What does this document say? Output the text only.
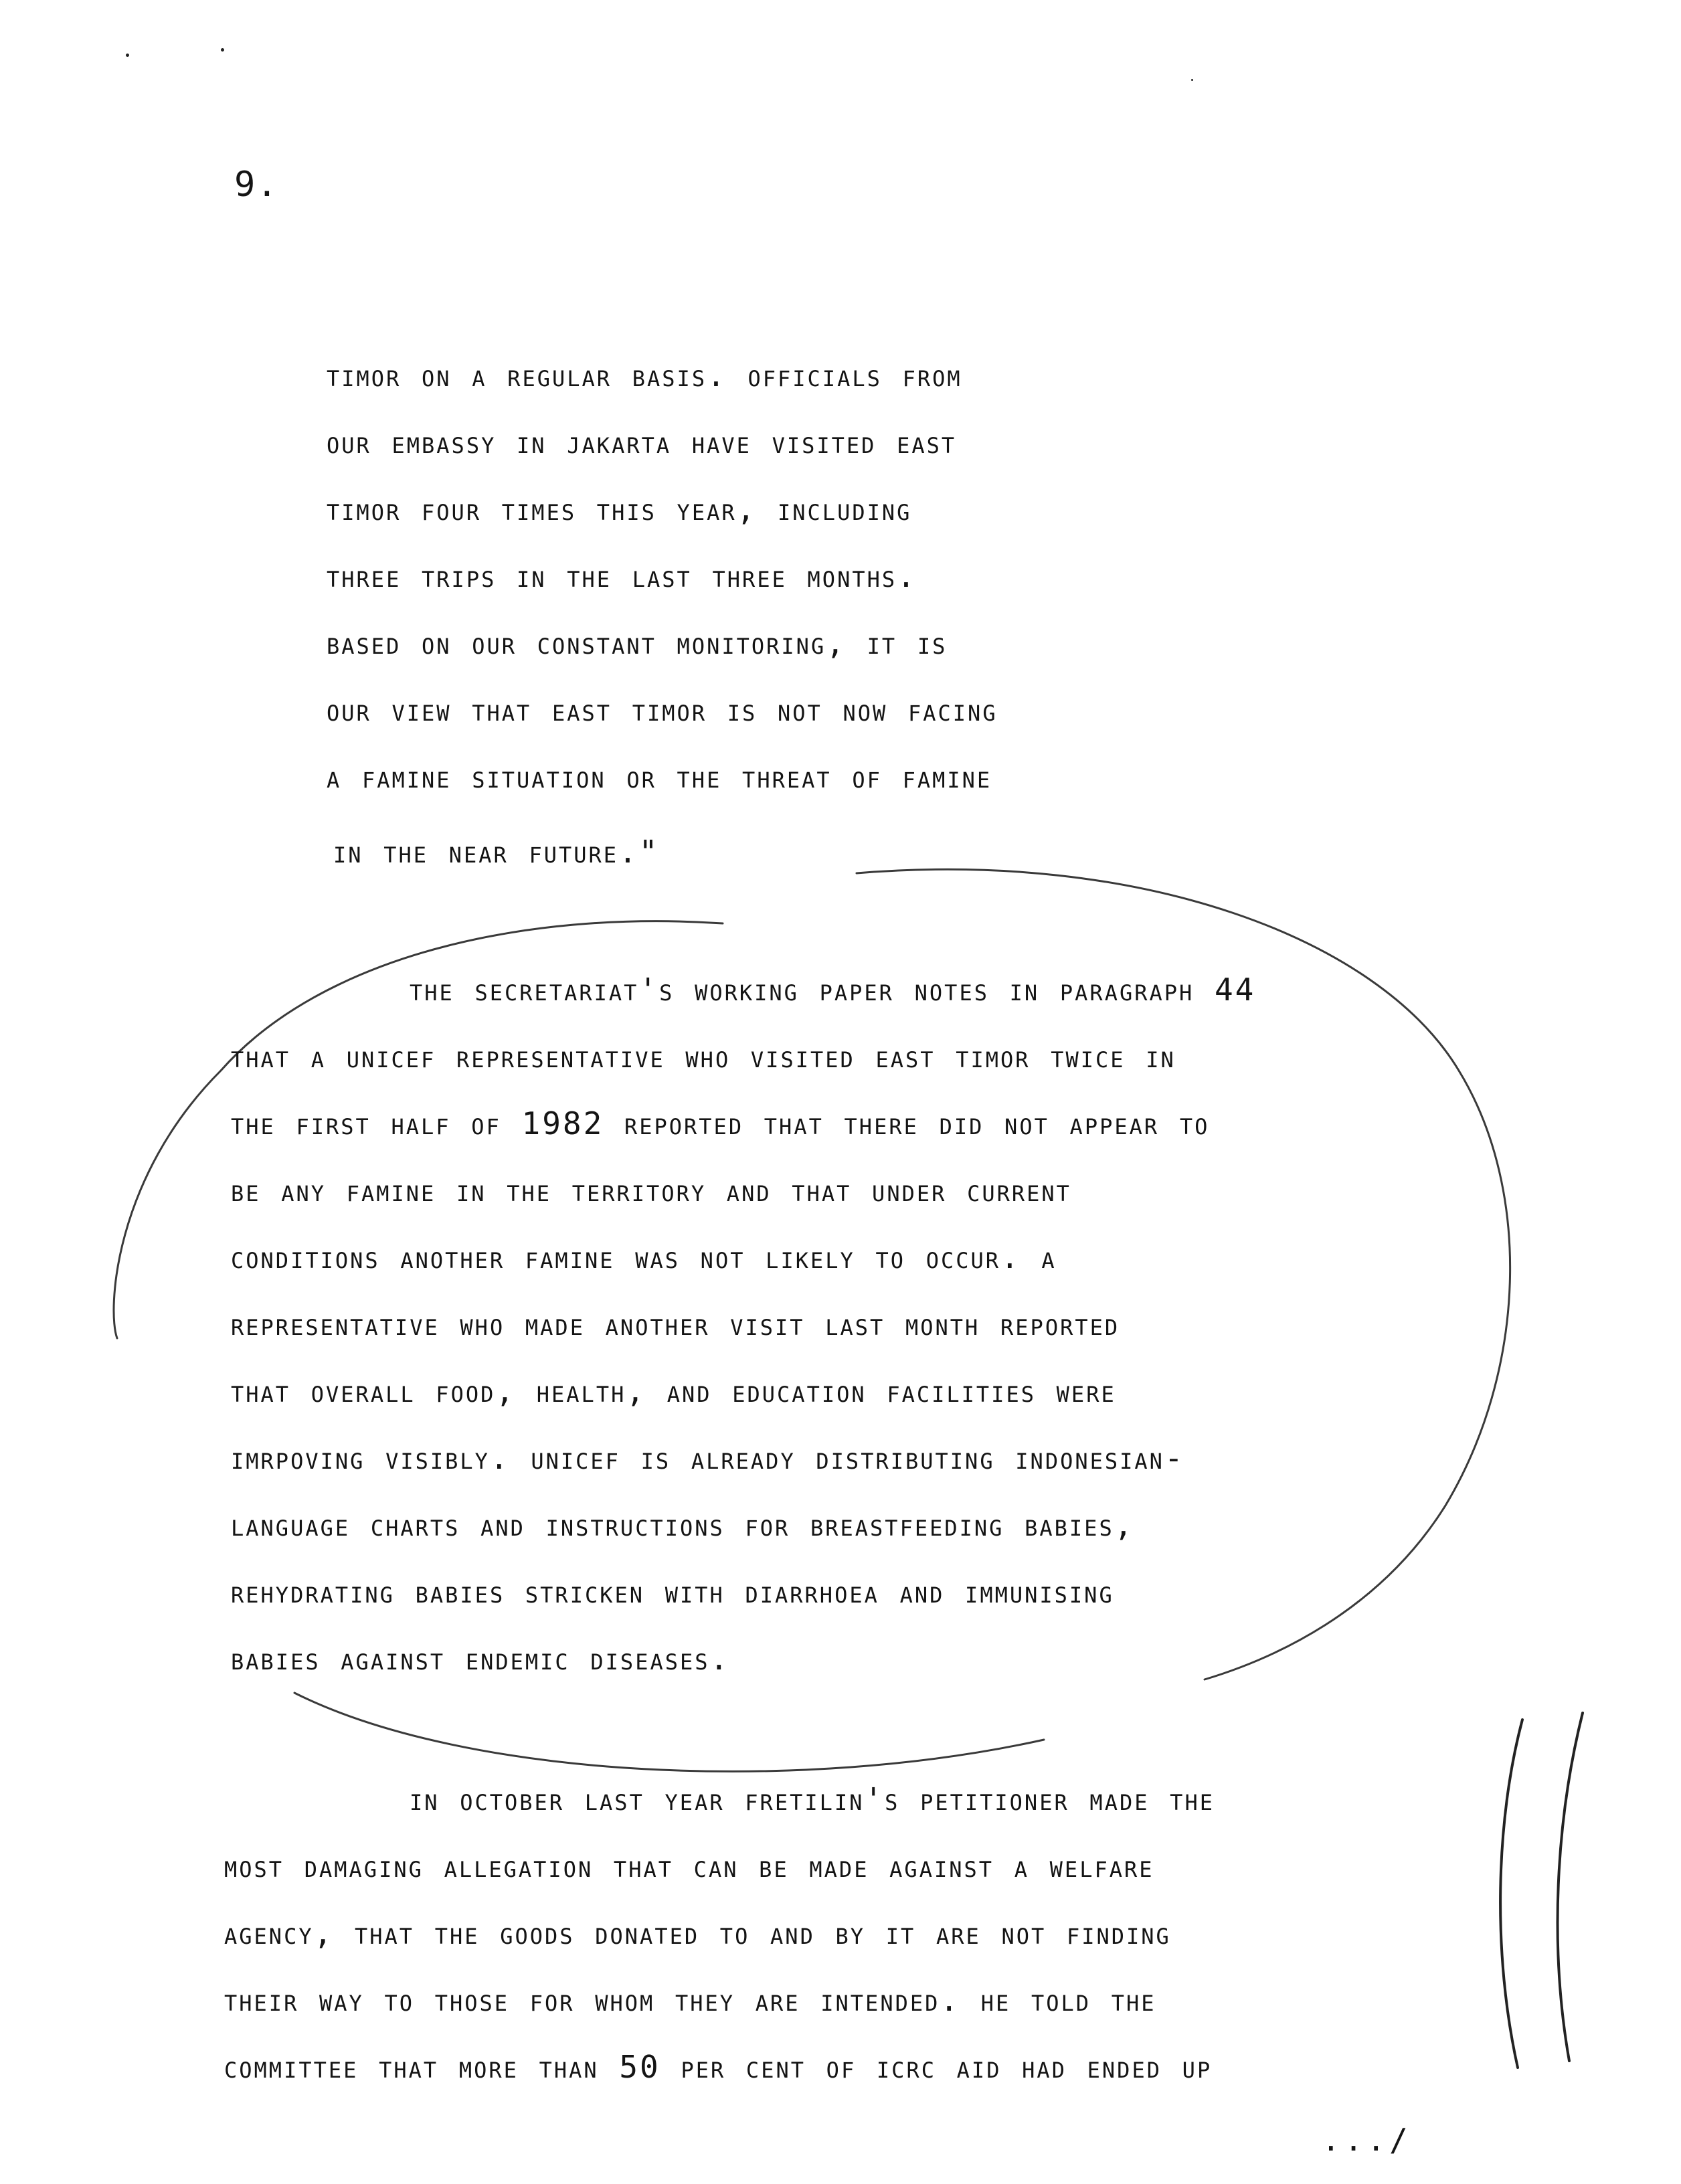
9.
timor on a regular basis. officials from
our embassy in jakarta have visited east
timor four times this year, including
three trips in the last three months.
based on our constant monitoring, it is
our view that east timor is not now facing
a famine situation or the threat of famine
in the near future."
the secretariat's working paper notes in paragraph 44
that a unicef representative who visited east timor twice in
the first half of 1982 reported that there did not appear to
be any famine in the territory and that under current
conditions another famine was not likely to occur. a
representative who made another visit last month reported
that overall food, health, and education facilities were
imrpoving visibly. unicef is already distributing indonesian-
language charts and instructions for breastfeeding babies,
rehydrating babies stricken with diarrhoea and immunising
babies against endemic diseases.
in october last year fretilin's petitioner made the
most damaging allegation that can be made against a welfare
agency, that the goods donated to and by it are not finding
their way to those for whom they are intended. he told the
committee that more than 50 per cent of icrc aid had ended up
.../
